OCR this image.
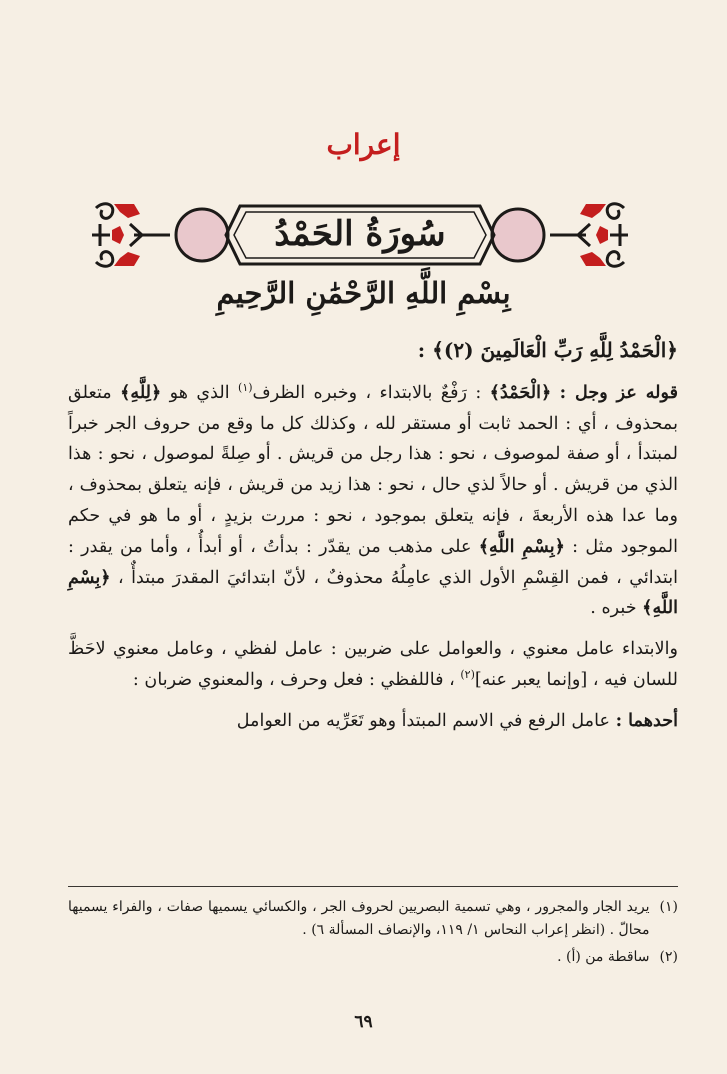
إعراب
سُورَةُ الحَمْدُ
بِسْمِ اللَّهِ الرَّحْمَٰنِ الرَّحِيمِ

﴿الْحَمْدُ لِلَّهِ رَبِّ الْعَالَمِينَ (٢)﴾ :

قوله عز وجل : ﴿الْحَمْدُ﴾ : رَفْعٌ بالابتداء ، وخبره الظرف$^{(١)}$ الذي هو ﴿لِلَّهِ﴾ متعلق بمحذوف ، أي : الحمد ثابت أو مستقر لله ، وكذلك كل ما وقع من حروف الجر خبراً لمبتدأ ، أو صفة لموصوف ، نحو : هذا رجل من قريش . أو صِلةً لموصول ، نحو : هذا الذي من قريش . أو حالاً لذي حال ، نحو : هذا زيد من قريش ، فإنه يتعلق بمحذوف ، وما عدا هذه الأربعةَ ، فإنه يتعلق بموجود ، نحو : مررت بزيدٍ ، أو ما هو في حكم الموجود مثل : ﴿بِسْمِ اللَّهِ﴾ على مذهب من يقدّر : بدأتُ ، أو أبدأُ ، وأما من يقدر : ابتدائي ، فمن القِسْمِ الأول الذي عامِلُهُ محذوفٌ ، لأنّ ابتدائيَ المقدرَ مبتدأٌ ، ﴿بِسْمِ اللَّهِ﴾ خبره .

والابتداء عامل معنوي ، والعوامل على ضربين : عامل لفظي ، وعامل معنوي لاحَظَّ للسان فيه ، [وإنما يعبر عنه]$^{(٢)}$ ، فاللفظي : فعل وحرف ، والمعنوي ضربان :

أحدهما : عامل الرفع في الاسم المبتدأ وهو تَعَرِّيه من العوامل

(١)
يريد الجار والمجرور ، وهي تسمية البصريين لحروف الجر ، والكسائي يسميها صفات ، والفراء يسميها محالّ . (انظر إعراب النحاس ١/ ١١٩، والإنصاف المسألة ٦) .
(٢)
ساقطة من (أ) .
٦٩
